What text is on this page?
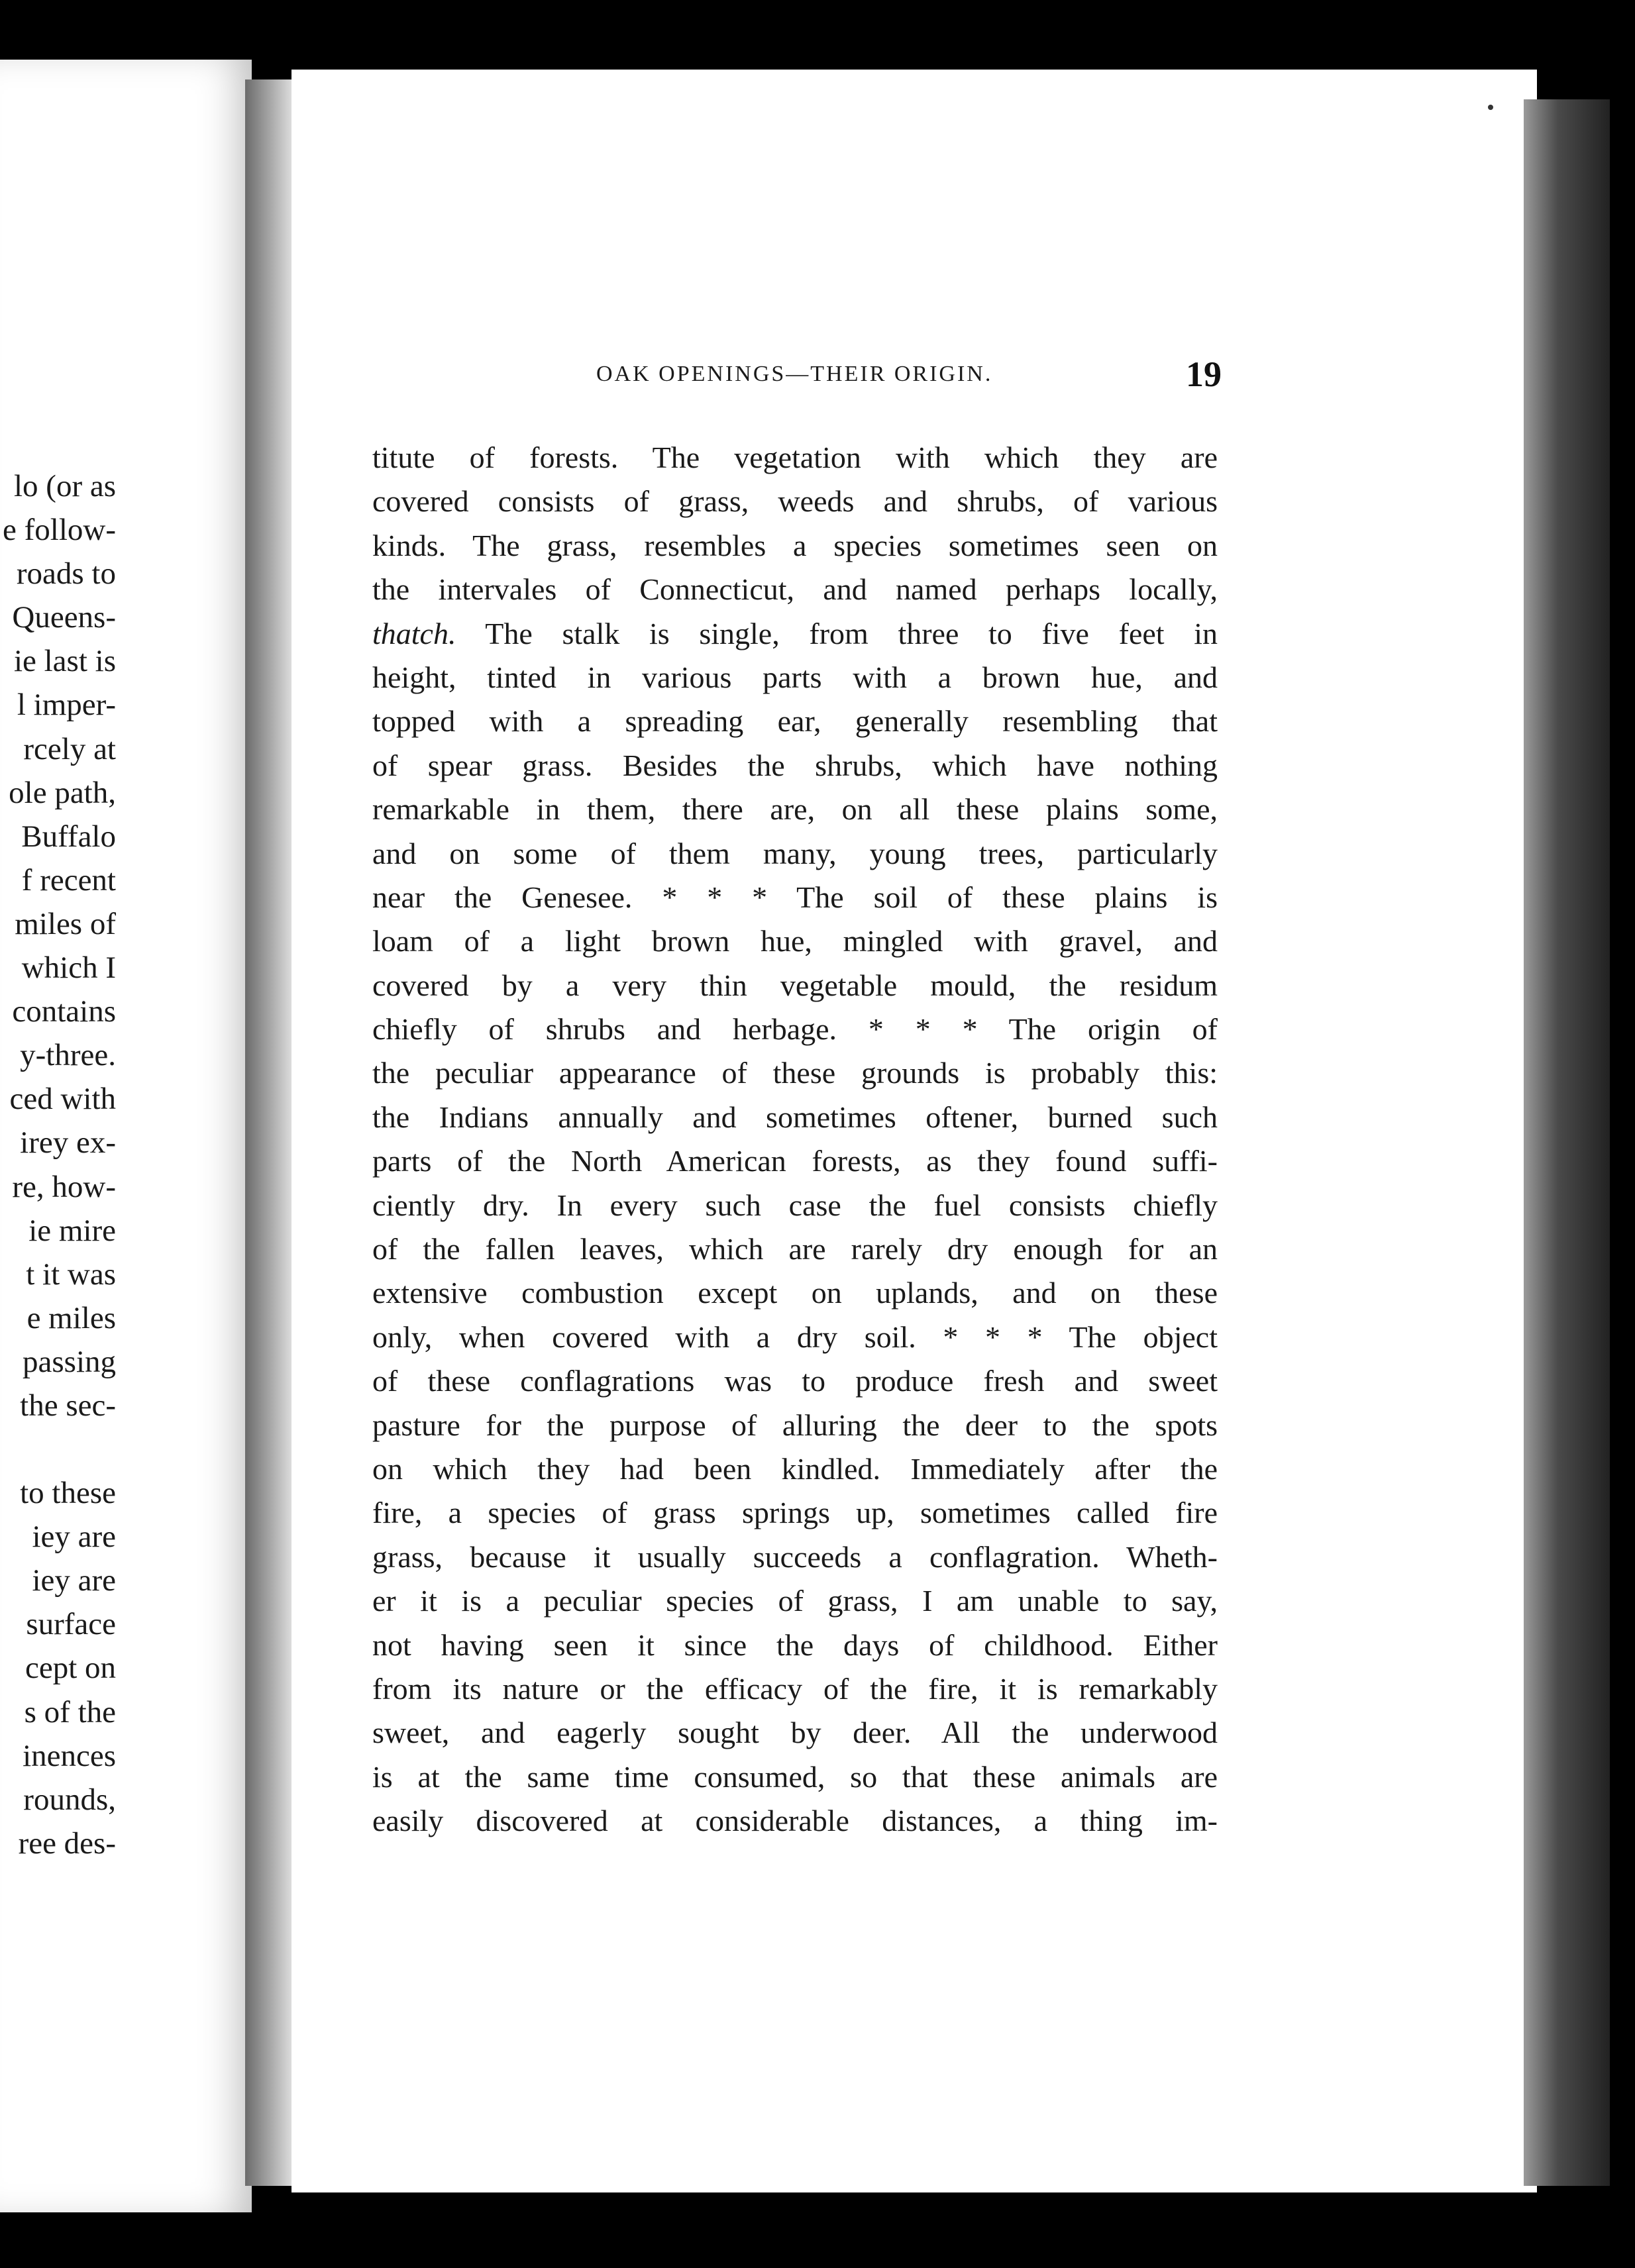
lo (or as
e follow-
roads to
Queens-
ie last is
l imper-
rcely at
ole path,
Buffalo
f recent
miles of
which I
contains
y-three.
ced with
irey ex-
re, how-
ie mire
t it was
e miles
passing
the sec-
to these
iey are
iey are
surface
cept on
s of the
inences
rounds,
ree des-
OAK OPENINGS—THEIR ORIGIN.	19
titute of forests. The vegetation with which they are
covered consists of grass, weeds and shrubs, of various
kinds. The grass, resembles a species sometimes seen on
the intervales of Connecticut, and named perhaps locally,
thatch. The stalk is single, from three to five feet in
height, tinted in various parts with a brown hue, and
topped with a spreading ear, generally resembling that
of spear grass. Besides the shrubs, which have nothing
remarkable in them, there are, on all these plains some,
and on some of them many, young trees, particularly
near the Genesee. * * * The soil of these plains is
loam of a light brown hue, mingled with gravel, and
covered by a very thin vegetable mould, the residum
chiefly of shrubs and herbage. * * * The origin of
the peculiar appearance of these grounds is probably this:
the Indians annually and sometimes oftener, burned such
parts of the North American forests, as they found suffi-
ciently dry. In every such case the fuel consists chiefly
of the fallen leaves, which are rarely dry enough for an
extensive combustion except on uplands, and on these
only, when covered with a dry soil. * * * The object
of these conflagrations was to produce fresh and sweet
pasture for the purpose of alluring the deer to the spots
on which they had been kindled. Immediately after the
fire, a species of grass springs up, sometimes called fire
grass, because it usually succeeds a conflagration. Wheth-
er it is a peculiar species of grass, I am unable to say,
not having seen it since the days of childhood. Either
from its nature or the efficacy of the fire, it is remarkably
sweet, and eagerly sought by deer. All the underwood
is at the same time consumed, so that these animals are
easily discovered at considerable distances, a thing im-
